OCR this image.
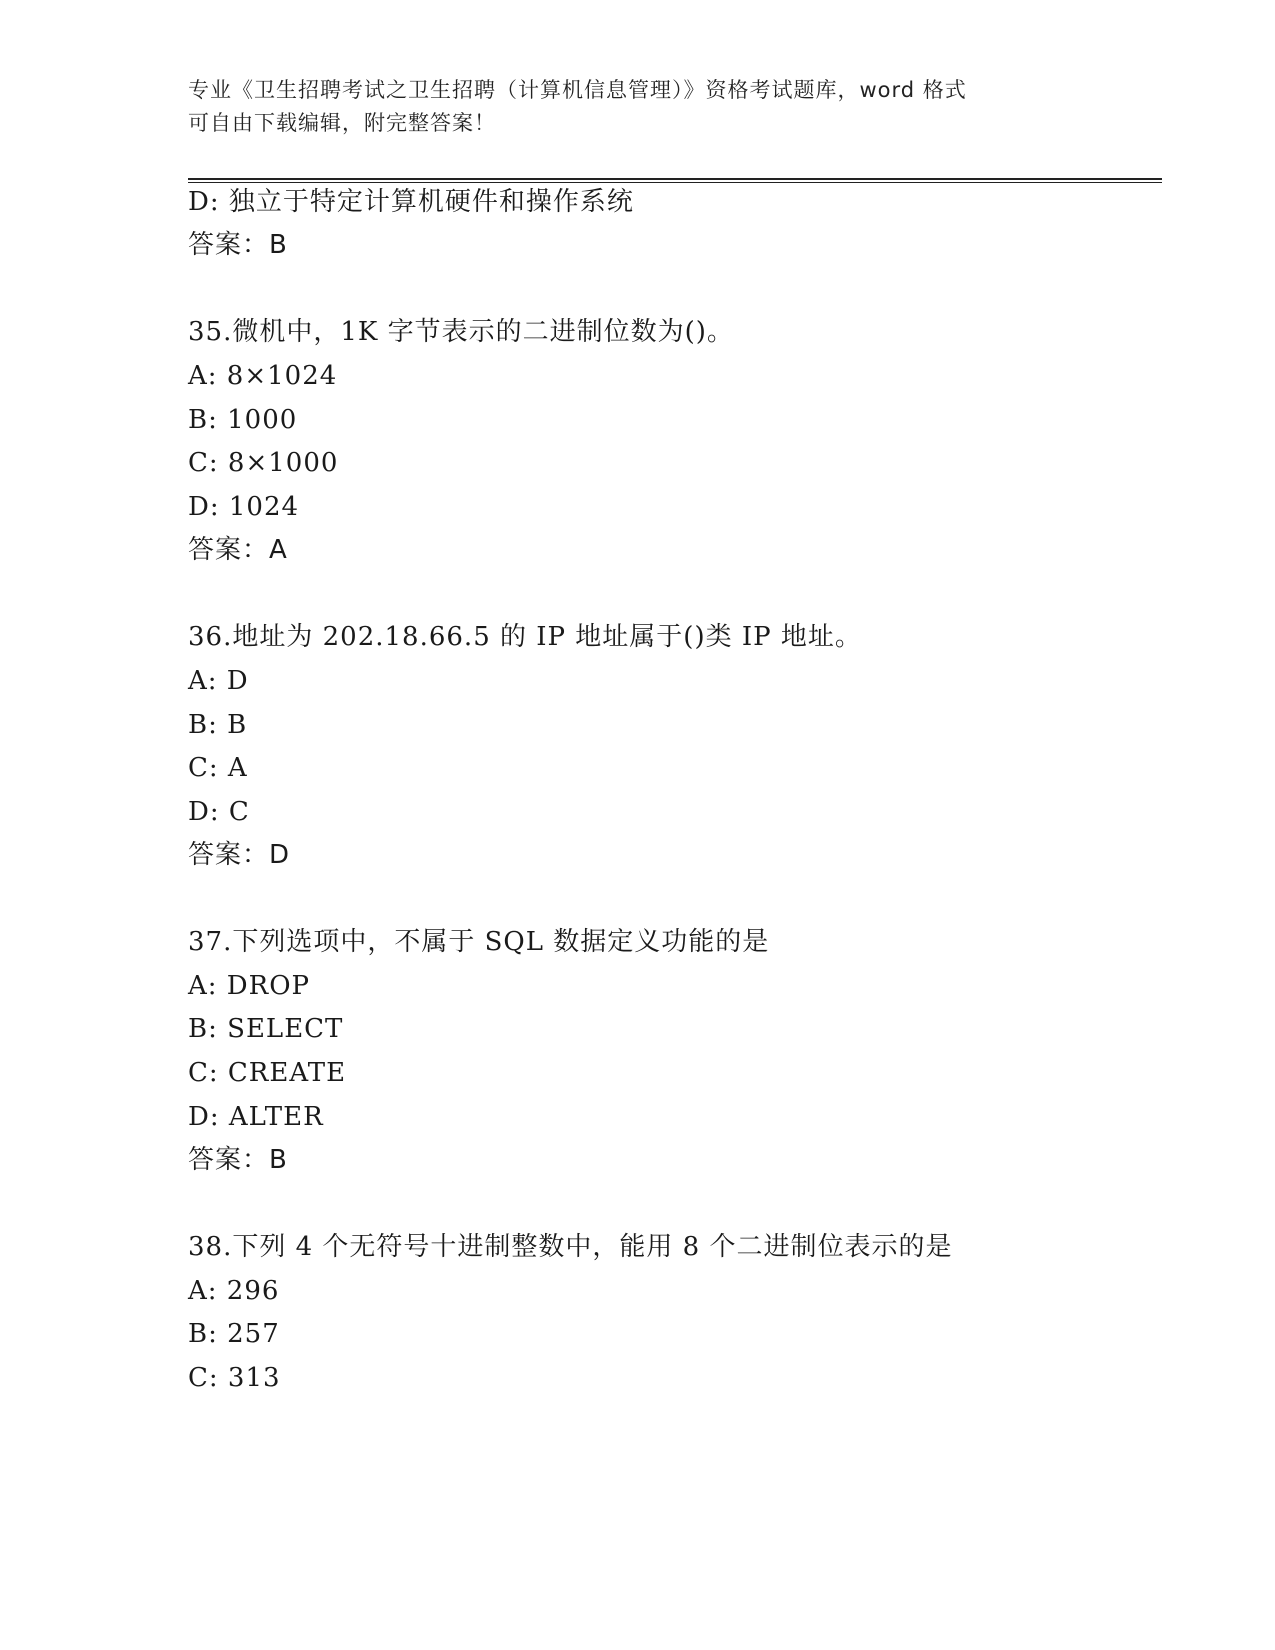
专业《卫生招聘考试之卫生招聘（计算机信息管理）》资格考试题库，word 格式
可自由下载编辑，附完整答案！
D: 独立于特定计算机硬件和操作系统
答案：B
35.微机中，1K 字节表示的二进制位数为()。
A: 8×1024
B: 1000
C: 8×1000
D: 1024
答案：A
36.地址为 202.18.66.5 的 IP 地址属于()类 IP 地址。
A: D
B: B
C: A
D: C
答案：D
37.下列选项中，不属于 SQL 数据定义功能的是
A: DROP
B: SELECT
C: CREATE
D: ALTER
答案：B
38.下列 4 个无符号十进制整数中，能用 8 个二进制位表示的是
A: 296
B: 257
C: 313
